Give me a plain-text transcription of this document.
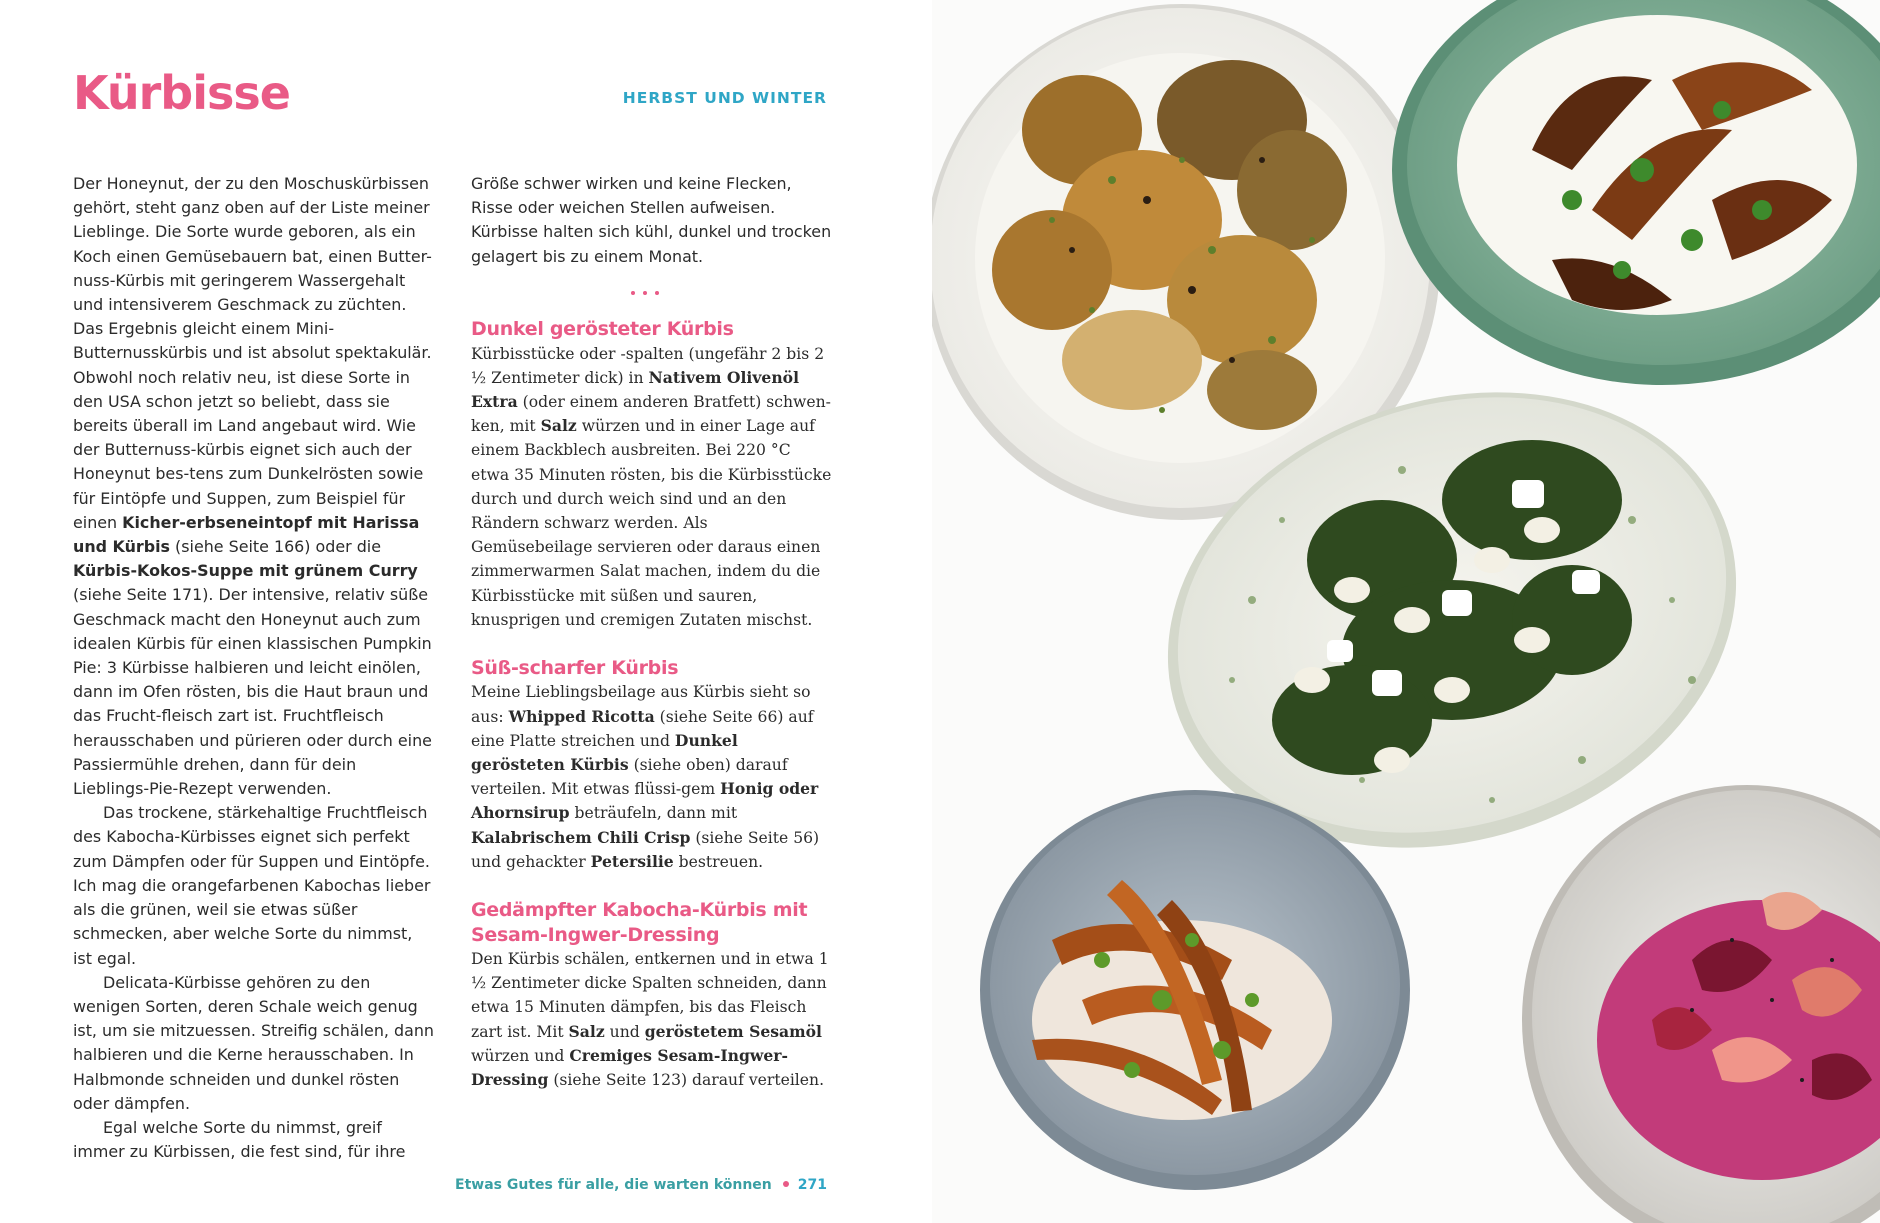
Kürbisse	HERBST UND WINTER

Der Honeynut, der zu den Moschuskürbissen gehört, steht ganz oben auf der Liste meiner Lieblinge. Die Sorte wurde geboren, als ein Koch einen Gemüsebauern bat, einen Butter-nuss-Kürbis mit geringerem Wassergehalt und intensiverem Geschmack zu züchten. Das Ergebnis gleicht einem Mini-Butternusskürbis und ist absolut spektakulär. Obwohl noch relativ neu, ist diese Sorte in den USA schon jetzt so beliebt, dass sie bereits überall im Land angebaut wird. Wie der Butternuss-kürbis eignet sich auch der Honeynut bes-tens zum Dunkelrösten sowie für Eintöpfe und Suppen, zum Beispiel für einen Kicher-erbseneintopf mit Harissa und Kürbis (siehe Seite 166) oder die Kürbis-Kokos-Suppe mit grünem Curry (siehe Seite 171). Der intensive, relativ süße Geschmack macht den Honeynut auch zum idealen Kürbis für einen klassischen Pumpkin Pie: 3 Kürbisse halbieren und leicht einölen, dann im Ofen rösten, bis die Haut braun und das Frucht-fleisch zart ist. Fruchtfleisch herausschaben und pürieren oder durch eine Passiermühle drehen, dann für dein Lieblings-Pie-Rezept verwenden.

Das trockene, stärkehaltige Fruchtfleisch des Kabocha-Kürbisses eignet sich perfekt zum Dämpfen oder für Suppen und Eintöpfe. Ich mag die orangefarbenen Kabochas lieber als die grünen, weil sie etwas süßer schmecken, aber welche Sorte du nimmst, ist egal.

Delicata-Kürbisse gehören zu den wenigen Sorten, deren Schale weich genug ist, um sie mitzuessen. Streifig schälen, dann halbieren und die Kerne herausschaben. In Halbmonde schneiden und dunkel rösten oder dämpfen.

Egal welche Sorte du nimmst, greif immer zu Kürbissen, die fest sind, für ihre

Größe schwer wirken und keine Flecken, Risse oder weichen Stellen aufweisen. Kürbisse halten sich kühl, dunkel und trocken gelagert bis zu einem Monat.

Dunkel gerösteter Kürbis

Kürbisstücke oder -spalten (ungefähr 2 bis 2 ½ Zentimeter dick) in Nativem Olivenöl Extra (oder einem anderen Bratfett) schwen-ken, mit Salz würzen und in einer Lage auf einem Backblech ausbreiten. Bei 220 °C etwa 35 Minuten rösten, bis die Kürbisstücke durch und durch weich sind und an den Rändern schwarz werden. Als Gemüsebeilage servieren oder daraus einen zimmerwarmen Salat machen, indem du die Kürbisstücke mit süßen und sauren, knusprigen und cremigen Zutaten mischst.

Süß-scharfer Kürbis

Meine Lieblingsbeilage aus Kürbis sieht so aus: Whipped Ricotta (siehe Seite 66) auf eine Platte streichen und Dunkel gerösteten Kürbis (siehe oben) darauf verteilen. Mit etwas flüssi-gem Honig oder Ahornsirup beträufeln, dann mit Kalabrischem Chili Crisp (siehe Seite 56) und gehackter Petersilie bestreuen.

Gedämpfter Kabocha-Kürbis mit Sesam-Ingwer-Dressing

Den Kürbis schälen, entkernen und in etwa 1 ½ Zentimeter dicke Spalten schneiden, dann etwa 15 Minuten dämpfen, bis das Fleisch zart ist. Mit Salz und geröstetem Sesamöl würzen und Cremiges Sesam-Ingwer-Dressing (siehe Seite 123) darauf verteilen.

Etwas Gutes für alle, die warten können 271
